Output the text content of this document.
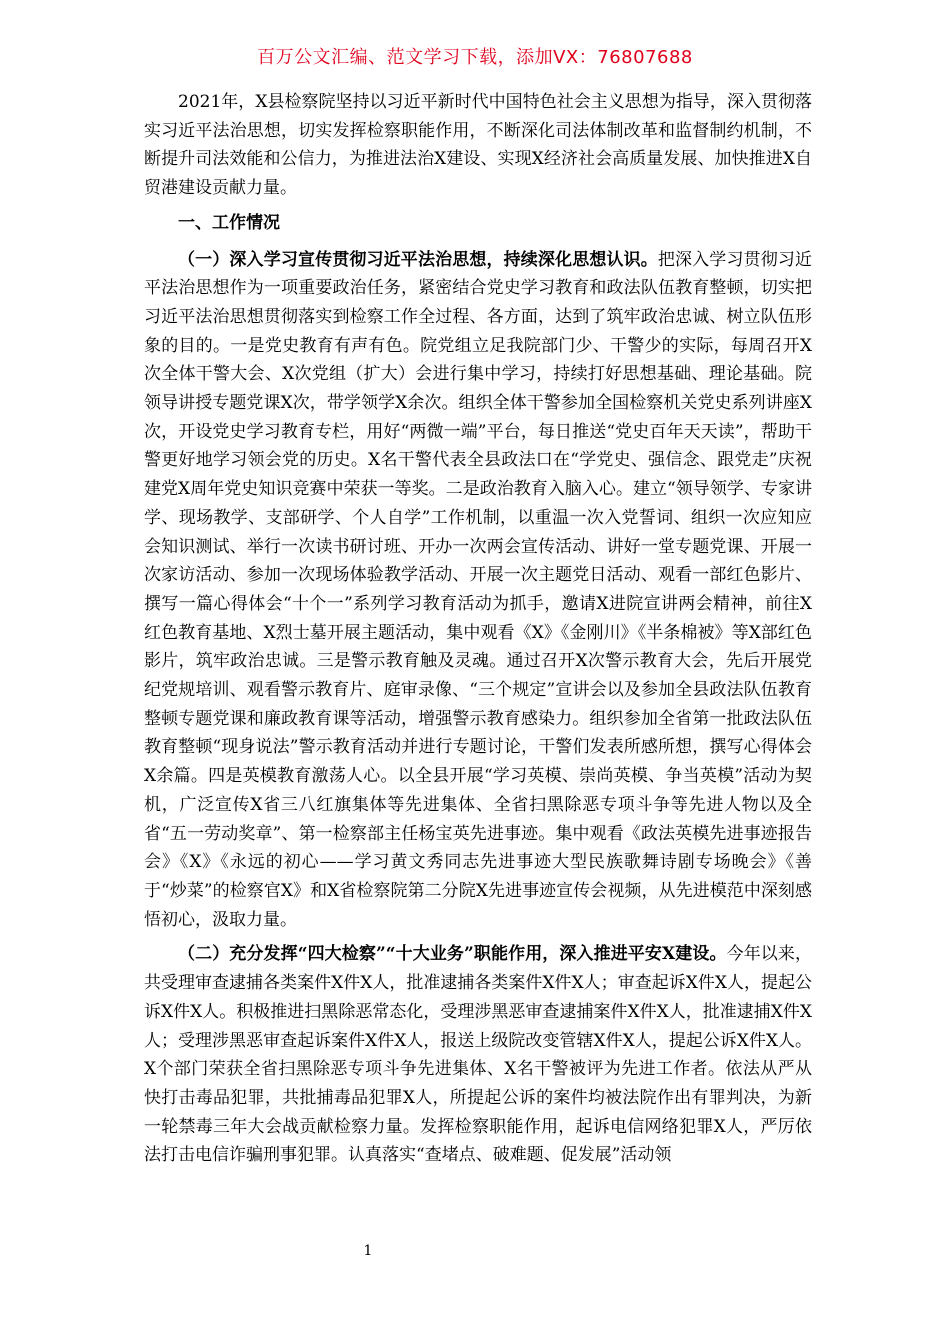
百万公文汇编、范文学习下载，添加VX：76807688

2021年，X县检察院坚持以习近平新时代中国特色社会主义思想为指导，深入贯彻落实习近平法治思想，切实发挥检察职能作用，不断深化司法体制改革和监督制约机制，不断提升司法效能和公信力，为推进法治X建设、实现X经济社会高质量发展、加快推进X自贸港建设贡献力量。

一、工作情况

（一）深入学习宣传贯彻习近平法治思想，持续深化思想认识。把深入学习贯彻习近平法治思想作为一项重要政治任务，紧密结合党史学习教育和政法队伍教育整顿，切实把习近平法治思想贯彻落实到检察工作全过程、各方面，达到了筑牢政治忠诚、树立队伍形象的目的。一是党史教育有声有色。院党组立足我院部门少、干警少的实际，每周召开X次全体干警大会、X次党组（扩大）会进行集中学习，持续打好思想基础、理论基础。院领导讲授专题党课X次，带学领学X余次。组织全体干警参加全国检察机关党史系列讲座X次，开设党史学习教育专栏，用好“两微一端”平台，每日推送“党史百年天天读”，帮助干警更好地学习领会党的历史。X名干警代表全县政法口在“学党史、强信念、跟党走”庆祝建党X周年党史知识竞赛中荣获一等奖。二是政治教育入脑入心。建立“领导领学、专家讲学、现场教学、支部研学、个人自学”工作机制，以重温一次入党誓词、组织一次应知应会知识测试、举行一次读书研讨班、开办一次两会宣传活动、讲好一堂专题党课、开展一次家访活动、参加一次现场体验教学活动、开展一次主题党日活动、观看一部红色影片、撰写一篇心得体会“十个一”系列学习教育活动为抓手，邀请X进院宣讲两会精神，前往X红色教育基地、X烈士墓开展主题活动，集中观看《X》《金刚川》《半条棉被》等X部红色影片，筑牢政治忠诚。三是警示教育触及灵魂。通过召开X次警示教育大会，先后开展党纪党规培训、观看警示教育片、庭审录像、“三个规定”宣讲会以及参加全县政法队伍教育整顿专题党课和廉政教育课等活动，增强警示教育感染力。组织参加全省第一批政法队伍教育整顿“现身说法”警示教育活动并进行专题讨论，干警们发表所感所想，撰写心得体会X余篇。四是英模教育激荡人心。以全县开展“学习英模、崇尚英模、争当英模”活动为契机，广泛宣传X省三八红旗集体等先进集体、全省扫黑除恶专项斗争等先进人物以及全省“五一劳动奖章”、第一检察部主任杨宝英先进事迹。集中观看《政法英模先进事迹报告会》《X》《永远的初心——学习黄文秀同志先进事迹大型民族歌舞诗剧专场晚会》《善于“炒菜”的检察官X》和X省检察院第二分院X先进事迹宣传会视频，从先进模范中深刻感悟初心，汲取力量。

（二）充分发挥“四大检察”“十大业务”职能作用，深入推进平安X建设。今年以来，共受理审查逮捕各类案件X件X人，批准逮捕各类案件X件X人；审查起诉X件X人，提起公诉X件X人。积极推进扫黑除恶常态化，受理涉黑恶审查逮捕案件X件X人，批准逮捕X件X人；受理涉黑恶审查起诉案件X件X人，报送上级院改变管辖X件X人，提起公诉X件X人。X个部门荣获全省扫黑除恶专项斗争先进集体、X名干警被评为先进工作者。依法从严从快打击毒品犯罪，共批捕毒品犯罪X人，所提起公诉的案件均被法院作出有罪判决，为新一轮禁毒三年大会战贡献检察力量。发挥检察职能作用，起诉电信网络犯罪X人，严厉依法打击电信诈骗刑事犯罪。认真落实“查堵点、破难题、促发展”活动领

1
